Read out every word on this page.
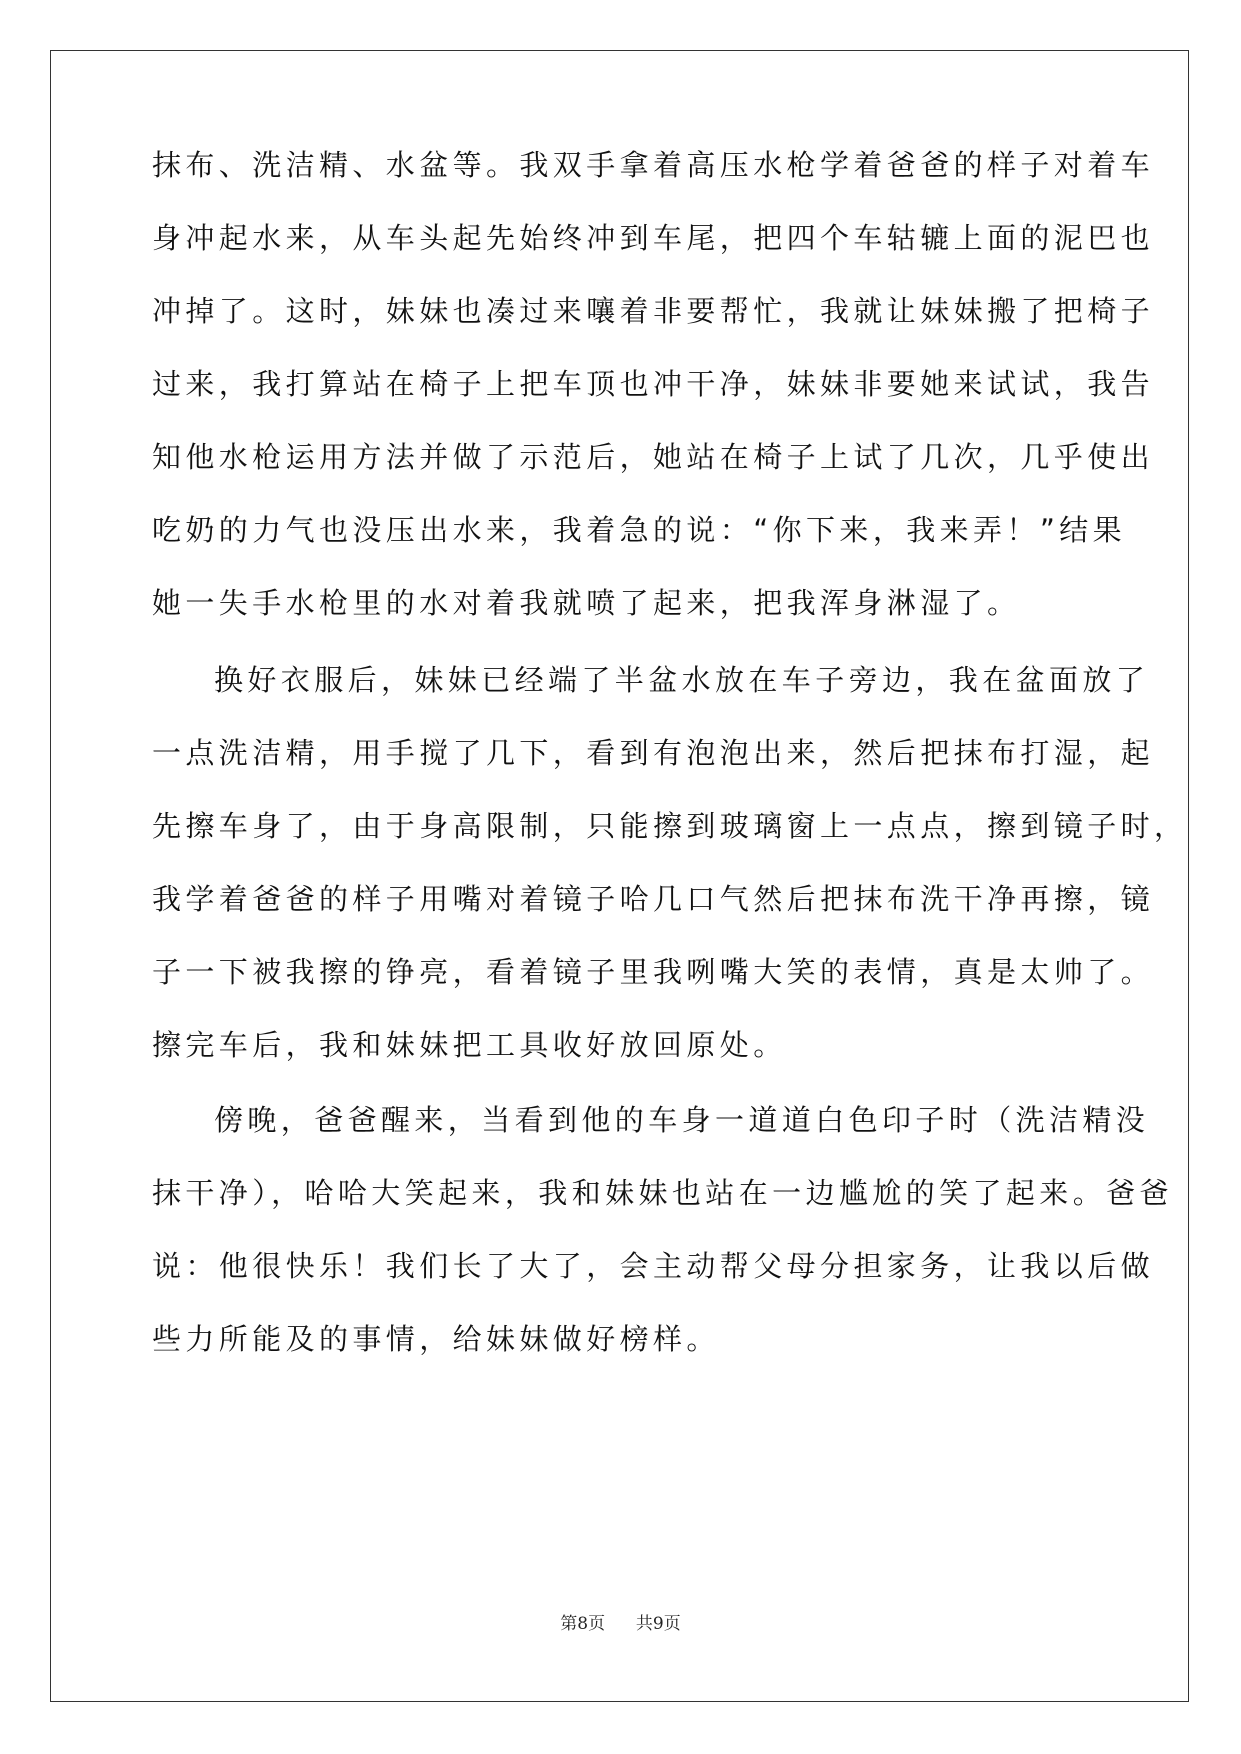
抹布、洗洁精、水盆等。我双手拿着高压水枪学着爸爸的样子对着车
身冲起水来，从车头起先始终冲到车尾，把四个车轱辘上面的泥巴也
冲掉了。这时，妹妹也凑过来嚷着非要帮忙，我就让妹妹搬了把椅子
过来，我打算站在椅子上把车顶也冲干净，妹妹非要她来试试，我告
知他水枪运用方法并做了示范后，她站在椅子上试了几次，几乎使出
吃奶的力气也没压出水来，我着急的说：“你下来，我来弄！”结果
她一失手水枪里的水对着我就喷了起来，把我浑身淋湿了。
换好衣服后，妹妹已经端了半盆水放在车子旁边，我在盆面放了
一点洗洁精，用手搅了几下，看到有泡泡出来，然后把抹布打湿，起
先擦车身了，由于身高限制，只能擦到玻璃窗上一点点，擦到镜子时，
我学着爸爸的样子用嘴对着镜子哈几口气然后把抹布洗干净再擦，镜
子一下被我擦的铮亮，看着镜子里我咧嘴大笑的表情，真是太帅了。
擦完车后，我和妹妹把工具收好放回原处。
傍晚，爸爸醒来，当看到他的车身一道道白色印子时（洗洁精没
抹干净），哈哈大笑起来，我和妹妹也站在一边尴尬的笑了起来。爸爸
说：他很快乐！我们长了大了，会主动帮父母分担家务，让我以后做
些力所能及的事情，给妹妹做好榜样。
第8页 共9页
